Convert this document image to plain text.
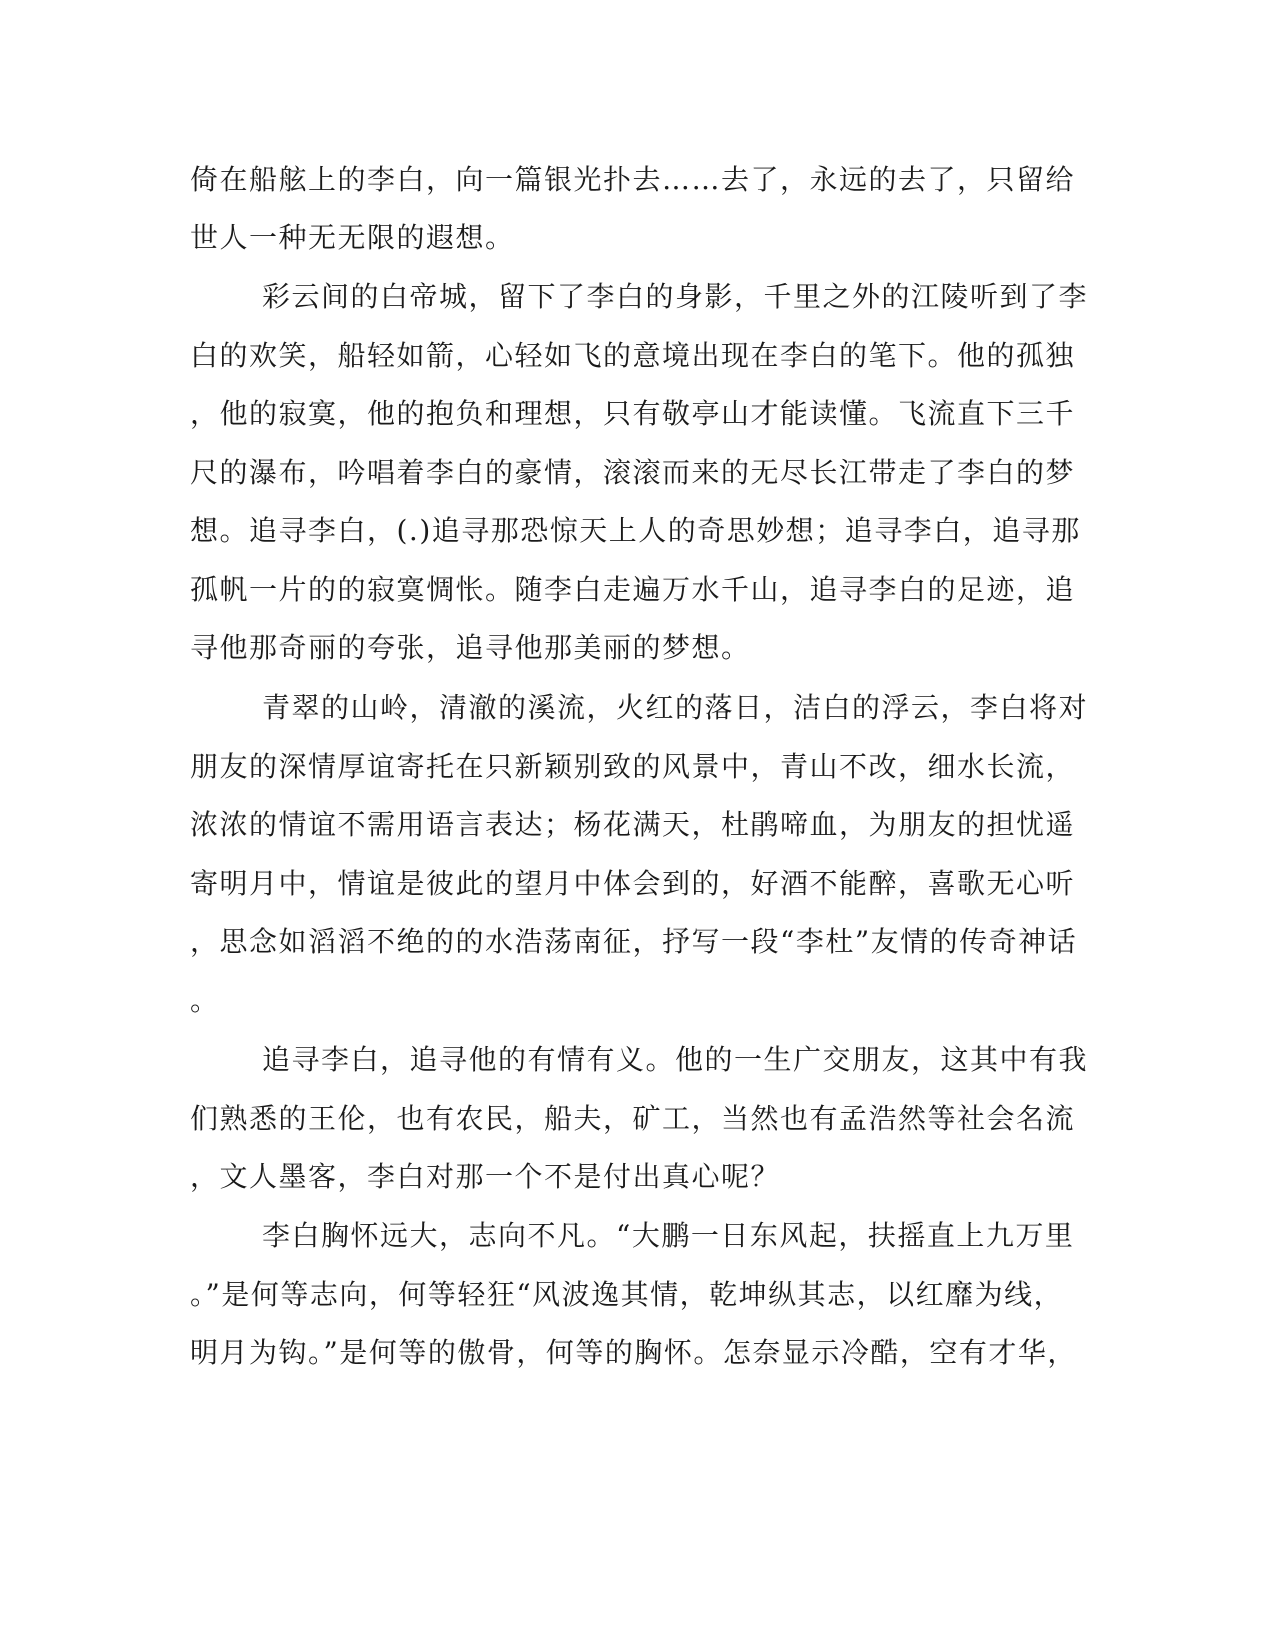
倚在船舷上的李白，向一篇银光扑去……去了，永远的去了，只留给

世人一种无无限的遐想。

彩云间的白帝城，留下了李白的身影，千里之外的江陵听到了李

白的欢笑，船轻如箭，心轻如飞的意境出现在李白的笔下。他的孤独

，他的寂寞，他的抱负和理想，只有敬亭山才能读懂。飞流直下三千

尺的瀑布，吟唱着李白的豪情，滚滚而来的无尽长江带走了李白的梦

想。追寻李白，(.)追寻那恐惊天上人的奇思妙想；追寻李白，追寻那

孤帆一片的的寂寞惆怅。随李白走遍万水千山，追寻李白的足迹，追

寻他那奇丽的夸张，追寻他那美丽的梦想。

青翠的山岭，清澈的溪流，火红的落日，洁白的浮云，李白将对

朋友的深情厚谊寄托在只新颖别致的风景中，青山不改，细水长流，

浓浓的情谊不需用语言表达；杨花满天，杜鹃啼血，为朋友的担忧遥

寄明月中，情谊是彼此的望月中体会到的，好酒不能醉，喜歌无心听

，思念如滔滔不绝的的水浩荡南征，抒写一段“李杜”友情的传奇神话

。

追寻李白，追寻他的有情有义。他的一生广交朋友，这其中有我

们熟悉的王伦，也有农民，船夫，矿工，当然也有孟浩然等社会名流

，文人墨客，李白对那一个不是付出真心呢？

李白胸怀远大，志向不凡。“大鹏一日东风起，扶摇直上九万里

。”是何等志向，何等轻狂“风波逸其情，乾坤纵其志，以红靡为线，

明月为钩。”是何等的傲骨，何等的胸怀。怎奈显示冷酷，空有才华，
